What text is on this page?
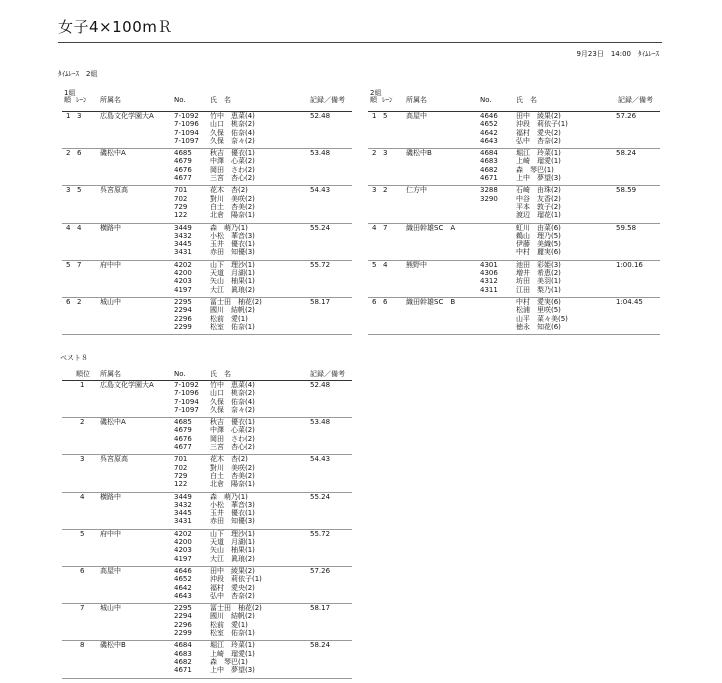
女子4×100mＲ
9月23日　14:00　ﾀｲﾑﾚｰｽ
ﾀｲﾑﾚｰｽ　2組
1組
順 ﾚｰﾝ 所属名	No.	氏　名	記録／備考
1 3	広島文化学園大A	52.48
7-1092 竹中　恵菜(4)
7-1096 山口　桃奈(2)
7-1094 久保　佑奈(4)
7-1097 久保　奈々(2)
2 6	磯松中A	53.48
4685	秋吉　優衣(1)
4679	中澤　心菜(2)
4676	岡田　さわ(2)
4677	三宮　杏心(2)
3 5	呉宮原高	54.43
701	花木　杏(2)
702	對川　美咲(2)
729	白土　杏美(2)
122	北倉　陽奈(1)
4 4	横路中	55.24
3449	森　萌乃(1)
3432	小松　華音(3)
3445	玉井　優衣(1)
3431	赤田　知優(3)
5 7	府中中	55.72
4202	山下　理沙(1)
4200	天道　月湖(1)
4203	矢山　柚果(1)
4197	大江　眞琅(2)
6 2	城山中	58.17
2295	冨士田　柚花(2)
2294	國川　結帆(2)
2296	松前　愛(1)
2299	松室　佑奈(1)
2組
順 ﾚｰﾝ 所属名	No.	氏　名	記録／備考
1 5	高屋中	57.26
4646	田中　綾果(2)
4652	沖段　莉依子(1)
4642	福村　愛央(2)
4643	弘中　杏奈(2)
2 3	磯松中B	58.24
4684	堀江　玲菜(1)
4683	上崎　瑠愛(1)
4682	森　琴巴(1)
4671	上中　夢望(3)
3 2	仁方中	58.59
3288	石崎　由珠(2)
3290	中谷　友香(2)
平本　敦子(2)
渡辺　瑠花(1)
4 7	織田幹雄SC　A	59.58
虹川　由菜(6)
鵜山　理乃(5)
伊藤　美織(5)
中村　麗実(6)
5 4	熊野中	1:00.16
4301	池田　彩姫(3)
4306	増井　希恵(2)
4312	坊田　美羽(1)
4311	江田　梨乃(1)
6 6	織田幹雄SC　B	1:04.45
中村　愛実(6)
松浦　里咲(5)
山平　菜々美(5)
徳永　知花(6)
ベスト８
順位 所属名	No.	氏　名	記録／備考
1 広島文化学園大A	52.48
7-1092 竹中　恵菜(4)
7-1096 山口　桃奈(2)
7-1094 久保　佑奈(4)
7-1097 久保　奈々(2)
2 磯松中A	53.48
4685	秋吉　優衣(1)
4679	中澤　心菜(2)
4676	岡田　さわ(2)
4677	三宮　杏心(2)
3 呉宮原高	54.43
701	花木　杏(2)
702	對川　美咲(2)
729	白土　杏美(2)
122	北倉　陽奈(1)
4 横路中	55.24
3449	森　萌乃(1)
3432	小松　華音(3)
3445	玉井　優衣(1)
3431	赤田　知優(3)
5 府中中	55.72
4202	山下　理沙(1)
4200	天道　月湖(1)
4203	矢山　柚果(1)
4197	大江　眞琅(2)
6 高屋中	57.26
4646	田中　綾果(2)
4652	沖段　莉依子(1)
4642	福村　愛央(2)
4643	弘中　杏奈(2)
7 城山中	58.17
2295	冨士田　柚花(2)
2294	國川　結帆(2)
2296	松前　愛(1)
2299	松室　佑奈(1)
8 磯松中B	58.24
4684	堀江　玲菜(1)
4683	上崎　瑠愛(1)
4682	森　琴巴(1)
4671	上中　夢望(3)
